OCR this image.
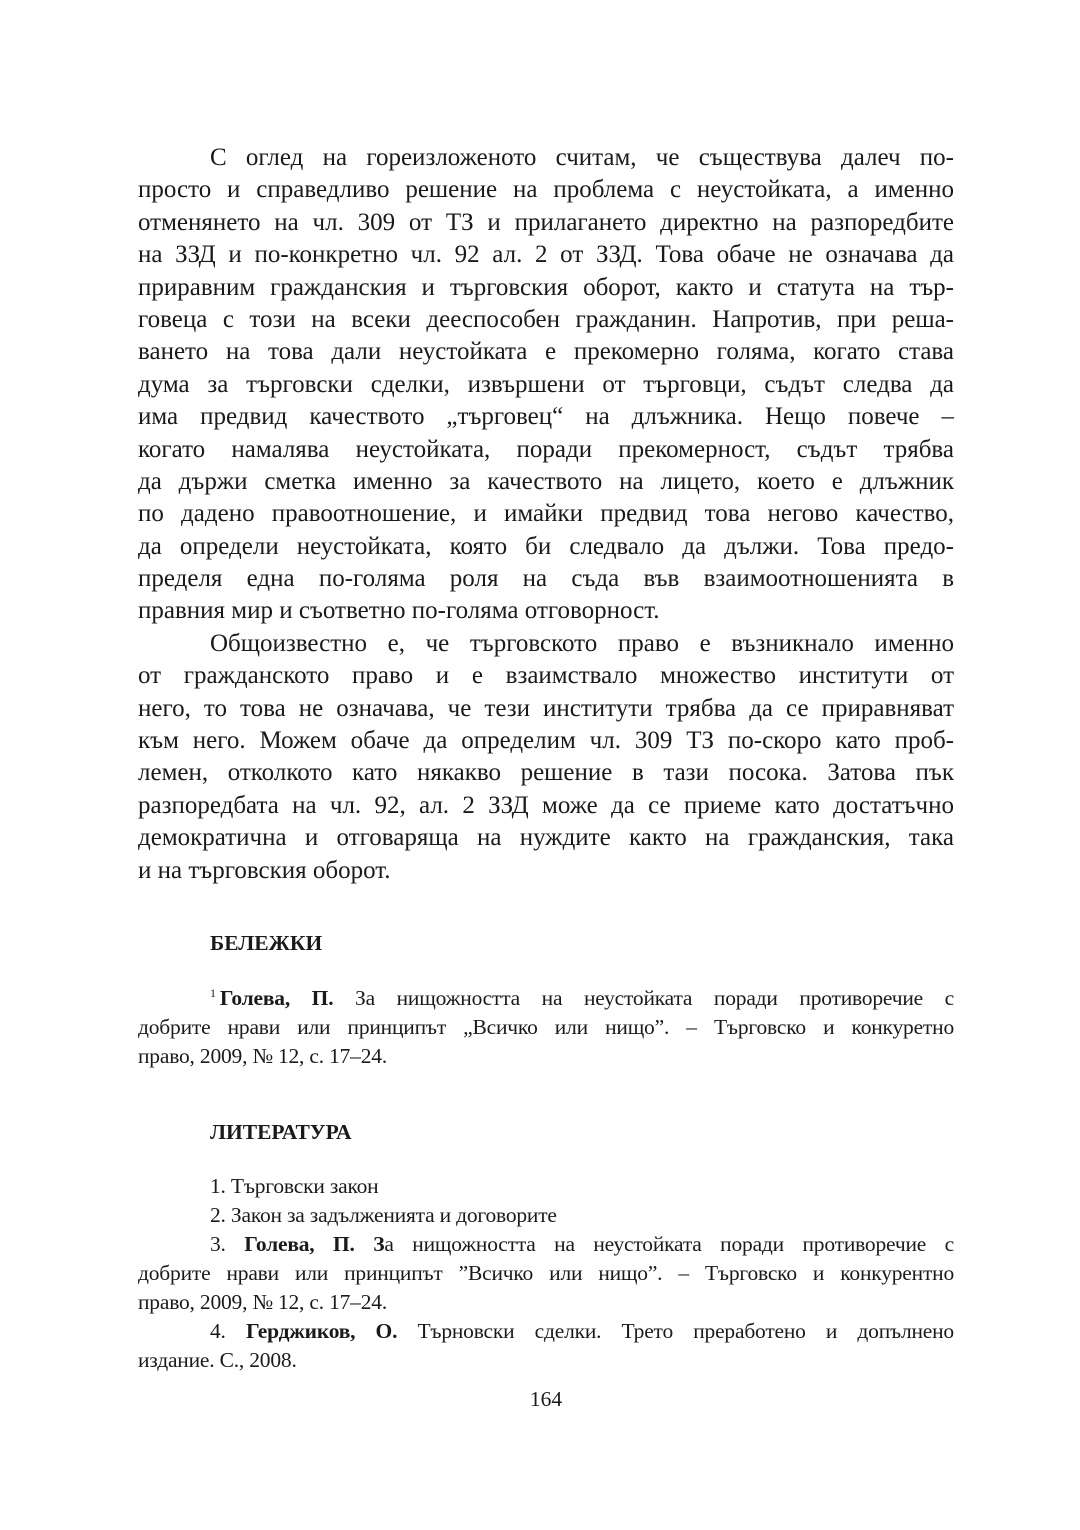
С оглед на гореизложеното считам, че съществува далеч по-
просто и справедливо решение на проблема с неустойката, а именно
отменянето на чл. 309 от ТЗ и прилагането директно на разпоредбите
на ЗЗД и по-конкретно чл. 92 ал. 2 от ЗЗД. Това обаче не означава да
приравним гражданския и търговския оборот, както и статута на тър-
говеца с този на всеки дееспособен гражданин. Напротив, при реша-
ването на това дали неустойката е прекомерно голяма, когато става
дума за търговски сделки, извършени от търговци, съдът следва да
има предвид качеството „търговец“ на длъжника. Нещо повече –
когато намалява неустойката, поради прекомерност, съдът трябва
да държи сметка именно за качеството на лицето, което е длъжник
по дадено правоотношение, и имайки предвид това негово качество,
да определи неустойката, която би следвало да дължи. Това предо-
пределя една по-голяма роля на съда във взаимоотношенията в
правния мир и съответно по-голяма отговорност.
Общоизвестно е, че търговското право е възникнало именно
от гражданското право и е взаимствало множество институти от
него, то това не означава, че тези институти трябва да се приравняват
към него. Можем обаче да определим чл. 309 ТЗ по-скоро като проб-
лемен, отколкото като някакво решение в тази посока. Затова пък
разпоредбата на чл. 92, ал. 2 ЗЗД може да се приеме като достатъчно
демократична и отговаряща на нуждите както на гражданския, така
и на търговския оборот.
БЕЛЕЖКИ
$^1$ Голева, П. За нищожността на неустойката поради противоречие с
добрите нрави или принципът „Всичко или нищо”. – Търговско и конкуретно
право, 2009, № 12, с. 17–24.
ЛИТЕРАТУРА
1. Търговски закон
2. Закон за задълженията и договорите
3. Голева, П. За нищожността на неустойката поради противоречие с
добрите нрави или принципът ”Всичко или нищо”. – Търговско и конкурентно
право, 2009, № 12, с. 17–24.
4. Герджиков, О. Търновски сделки. Трето преработено и допълнено
издание. С., 2008.
164
